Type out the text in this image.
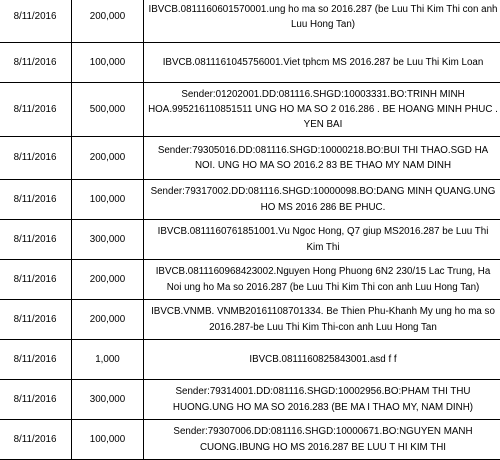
8/11/2016	200,000	IBVCB.0811160601570001.ung ho ma so 2016.287 (be Luu Thi Kim Thi con anh Luu Hong Tan)
8/11/2016	100,000	IBVCB.0811161045756001.Viet tphcm MS 2016.287 be Luu Thi Kim Loan
8/11/2016	500,000	Sender:01202001.DD:081116.SHGD:10003331.BO:TRINH MINH HOA.995216110851511 UNG HO MA SO 2 016.286 . BE HOANG MINH PHUC . YEN BAI
8/11/2016	200,000	Sender:79305016.DD:081116.SHGD:10000218.BO:BUI THI THAO.SGD HA NOI. UNG HO MA SO 2016.2 83 BE THAO MY NAM DINH
8/11/2016	100,000	Sender:79317002.DD:081116.SHGD:10000098.BO:DANG MINH QUANG.UNG HO MS 2016 286 BE PHUC.
8/11/2016	300,000	IBVCB.0811160761851001.Vu Ngoc Hong, Q7 giup MS2016.287 be Luu Thi Kim Thi
8/11/2016	200,000	IBVCB.0811160968423002.Nguyen Hong Phuong 6N2 230/15 Lac Trung, Ha Noi ung ho Ma so 2016.287 (be Luu Thi Kim Thi con anh Luu Hong Tan)
8/11/2016	200,000	IBVCB.VNMB. VNMB20161108701334. Be Thien Phu-Khanh My ung ho ma so 2016.287-be Luu Thi Kim Thi-con anh Luu Hong Tan
8/11/2016	1,000	IBVCB.0811160825843001.asd f f
8/11/2016	300,000	Sender:79314001.DD:081116.SHGD:10002956.BO:PHAM THI THU HUONG.UNG HO MA SO 2016.283 (BE MA I THAO MY, NAM DINH)
8/11/2016	100,000	Sender:79307006.DD:081116.SHGD:10000671.BO:NGUYEN MANH CUONG.IBUNG HO MS 2016.287 BE LUU T HI KIM THI
